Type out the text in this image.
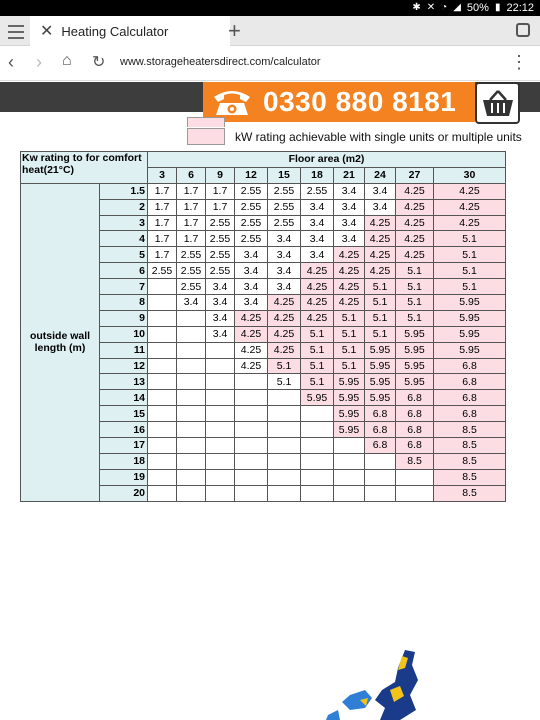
✱ ✕ ◔ ◢ 50% ▮ 22:12
✕ Heating Calculator	+
‹ › ⌂ ↻ www.storageheatersdirect.com/calculator	⋮
0330 880 8181
kW rating achievable with single units or multiple units
Kw rating to for comfort heat(21°C)		Floor area (m2)									
		3	6	9	12	15	18	21	24	27	30
outside wall length (m)	1.5	1.7	1.7	1.7	2.55	2.55	2.55	3.4	3.4	4.25	4.25
	2	1.7	1.7	1.7	2.55	2.55	3.4	3.4	3.4	4.25	4.25
	3	1.7	1.7	2.55	2.55	2.55	3.4	3.4	4.25	4.25	4.25
	4	1.7	1.7	2.55	2.55	3.4	3.4	3.4	4.25	4.25	5.1
	5	1.7	2.55	2.55	3.4	3.4	3.4	4.25	4.25	4.25	5.1
	6	2.55	2.55	2.55	3.4	3.4	4.25	4.25	4.25	5.1	5.1
	7		2.55	3.4	3.4	3.4	4.25	4.25	5.1	5.1	5.1
	8		3.4	3.4	3.4	4.25	4.25	4.25	5.1	5.1	5.95
	9			3.4	4.25	4.25	4.25	5.1	5.1	5.1	5.95
	10			3.4	4.25	4.25	5.1	5.1	5.1	5.95	5.95
	11				4.25	4.25	5.1	5.1	5.95	5.95	5.95
	12				4.25	5.1	5.1	5.1	5.95	5.95	6.8
	13					5.1	5.1	5.95	5.95	5.95	6.8
	14						5.95	5.95	5.95	6.8	6.8
	15							5.95	6.8	6.8	6.8
	16							5.95	6.8	6.8	8.5
	17								6.8	6.8	8.5
	18									8.5	8.5
	19										8.5
	20										8.5
